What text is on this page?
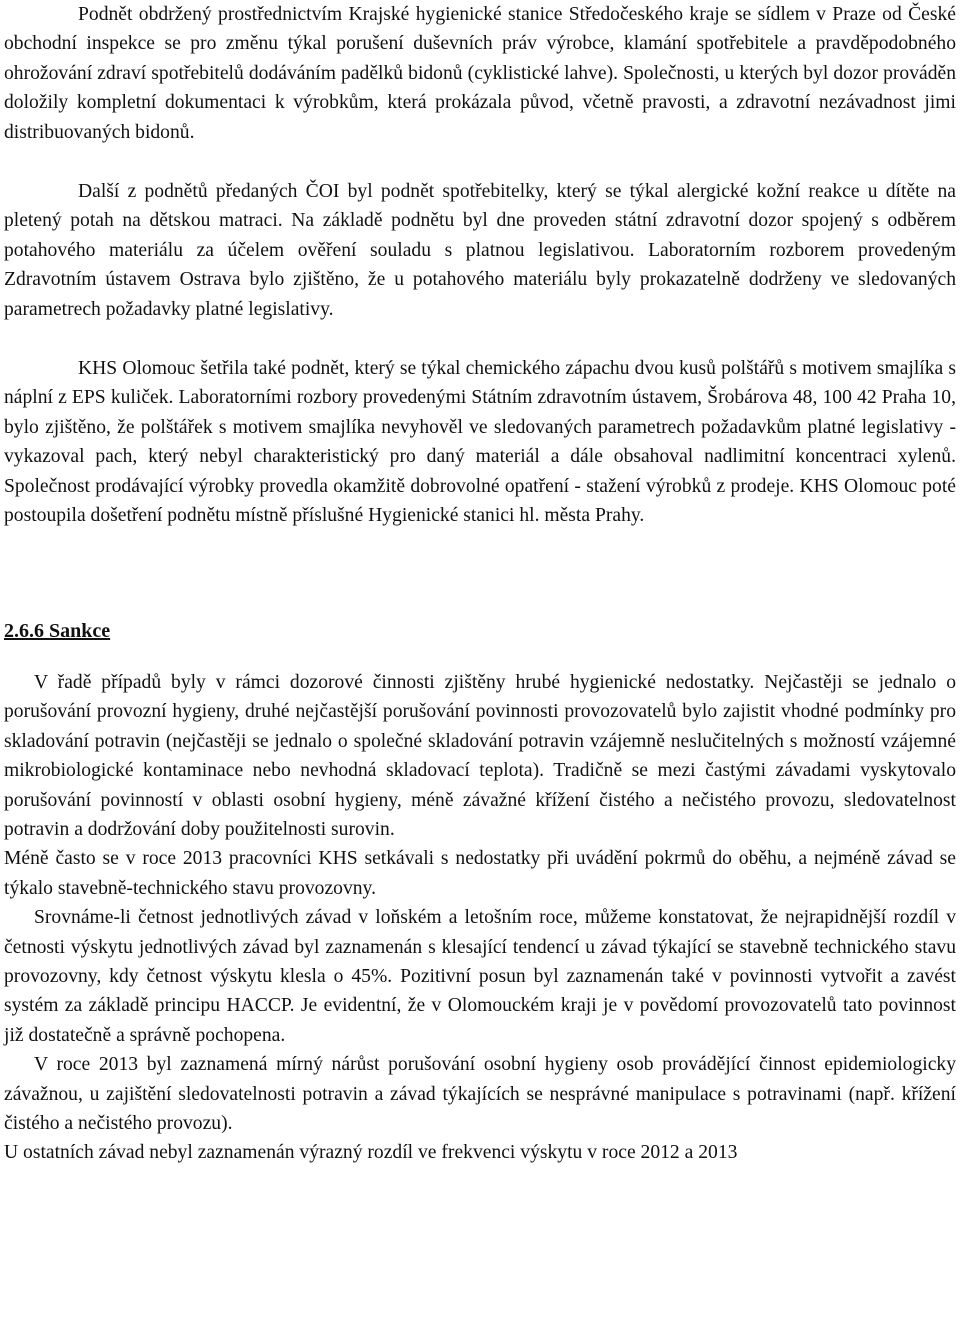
Podnět obdržený prostřednictvím Krajské hygienické stanice Středočeského kraje se sídlem v Praze od České obchodní inspekce se pro změnu týkal porušení duševních práv výrobce, klamání spotřebitele a pravděpodobného ohrožování zdraví spotřebitelů dodáváním padělků bidonů (cyklistické lahve). Společnosti, u kterých byl dozor prováděn doložily kompletní dokumentaci k výrobkům, která prokázala původ, včetně pravosti, a zdravotní nezávadnost jimi distribuovaných bidonů.

Další z podnětů předaných ČOI byl podnět spotřebitelky, který se týkal alergické kožní reakce u dítěte na pletený potah na dětskou matraci. Na základě podnětu byl dne proveden státní zdravotní dozor spojený s odběrem potahového materiálu za účelem ověření souladu s platnou legislativou. Laboratorním rozborem provedeným Zdravotním ústavem Ostrava bylo zjištěno, že u potahového materiálu byly prokazatelně dodrženy ve sledovaných parametrech požadavky platné legislativy.

KHS Olomouc šetřila také podnět, který se týkal chemického zápachu dvou kusů polštářů s motivem smajlíka s náplní z EPS kuliček. Laboratorními rozbory provedenými Státním zdravotním ústavem, Šrobárova 48, 100 42 Praha 10, bylo zjištěno, že polštářek s motivem smajlíka nevyhověl ve sledovaných parametrech požadavkům platné legislativy - vykazoval pach, který nebyl charakteristický pro daný materiál a dále obsahoval nadlimitní koncentraci xylenů. Společnost prodávající výrobky provedla okamžitě dobrovolné opatření - stažení výrobků z prodeje. KHS Olomouc poté postoupila došetření podnětu místně příslušné Hygienické stanici hl. města Prahy.

2.6.6 Sankce

V řadě případů byly v rámci dozorové činnosti zjištěny hrubé hygienické nedostatky. Nejčastěji se jednalo o porušování provozní hygieny, druhé nejčastější porušování povinnosti provozovatelů bylo zajistit vhodné podmínky pro skladování potravin (nejčastěji se jednalo o společné skladování potravin vzájemně neslučitelných s možností vzájemné mikrobiologické kontaminace nebo nevhodná skladovací teplota). Tradičně se mezi častými závadami vyskytovalo porušování povinností v oblasti osobní hygieny, méně závažné křížení čistého a nečistého provozu, sledovatelnost potravin a dodržování doby použitelnosti surovin.

Méně často se v roce 2013 pracovníci KHS setkávali s nedostatky při uvádění pokrmů do oběhu, a nejméně závad se týkalo stavebně-technického stavu provozovny.

Srovnáme-li četnost jednotlivých závad v loňském a letošním roce, můžeme konstatovat, že nejrapidnější rozdíl v četnosti výskytu jednotlivých závad byl zaznamenán s klesající tendencí u závad týkající se stavebně technického stavu provozovny, kdy četnost výskytu klesla o 45%. Pozitivní posun byl zaznamenán také v povinnosti vytvořit a zavést systém za základě principu HACCP. Je evidentní, že v Olomouckém kraji je v povědomí provozovatelů tato povinnost již dostatečně a správně pochopena.

V roce 2013 byl zaznamená mírný nárůst porušování osobní hygieny osob provádějící činnost epidemiologicky závažnou, u zajištění sledovatelnosti potravin a závad týkajících se nesprávné manipulace s potravinami (např. křížení čistého a nečistého provozu).

U ostatních závad nebyl zaznamenán výrazný rozdíl ve frekvenci výskytu v roce 2012 a 2013
